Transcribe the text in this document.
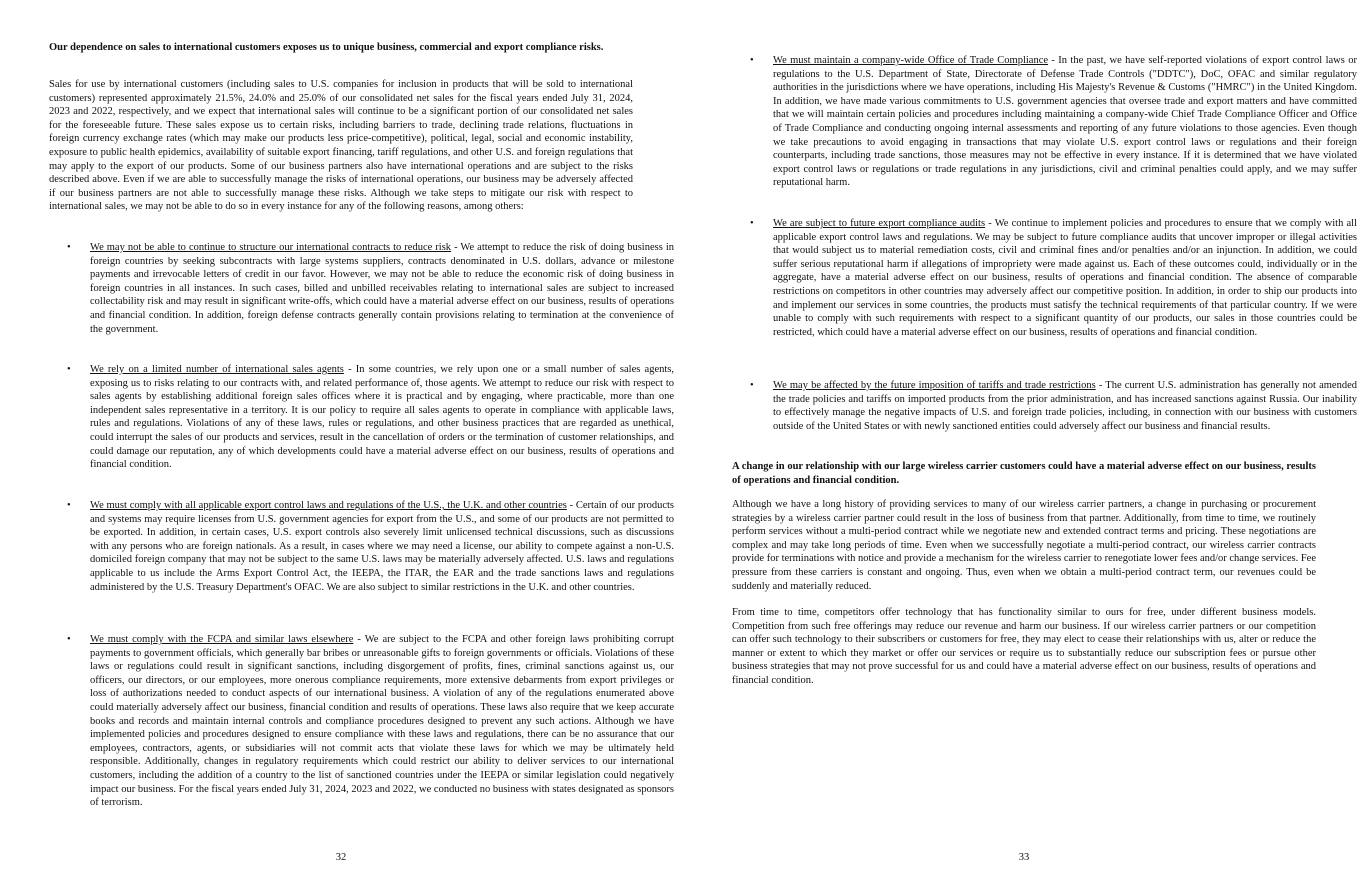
Our dependence on sales to international customers exposes us to unique business, commercial and export compliance risks.

Sales for use by international customers (including sales to U.S. companies for inclusion in products that will be sold to international customers) represented approximately 21.5%, 24.0% and 25.0% of our consolidated net sales for the fiscal years ended July 31, 2024, 2023 and 2022, respectively, and we expect that international sales will continue to be a significant portion of our consolidated net sales for the foreseeable future. These sales expose us to certain risks, including barriers to trade, declining trade relations, fluctuations in foreign currency exchange rates (which may make our products less price-competitive), political, legal, social and economic instability, exposure to public health epidemics, availability of suitable export financing, tariff regulations, and other U.S. and foreign regulations that may apply to the export of our products. Some of our business partners also have international operations and are subject to the risks described above. Even if we are able to successfully manage the risks of international operations, our business may be adversely affected if our business partners are not able to successfully manage these risks. Although we take steps to mitigate our risk with respect to international sales, we may not be able to do so in every instance for any of the following reasons, among others:

• We may not be able to continue to structure our international contracts to reduce risk - We attempt to reduce the risk of doing business in foreign countries by seeking subcontracts with large systems suppliers, contracts denominated in U.S. dollars, advance or milestone payments and irrevocable letters of credit in our favor. However, we may not be able to reduce the economic risk of doing business in foreign countries in all instances. In such cases, billed and unbilled receivables relating to international sales are subject to increased collectability risk and may result in significant write-offs, which could have a material adverse effect on our business, results of operations and financial condition. In addition, foreign defense contracts generally contain provisions relating to termination at the convenience of the government.
• We rely on a limited number of international sales agents - In some countries, we rely upon one or a small number of sales agents, exposing us to risks relating to our contracts with, and related performance of, those agents. We attempt to reduce our risk with respect to sales agents by establishing additional foreign sales offices where it is practical and by engaging, where practicable, more than one independent sales representative in a territory. It is our policy to require all sales agents to operate in compliance with applicable laws, rules and regulations. Violations of any of these laws, rules or regulations, and other business practices that are regarded as unethical, could interrupt the sales of our products and services, result in the cancellation of orders or the termination of customer relationships, and could damage our reputation, any of which developments could have a material adverse effect on our business, results of operations and financial condition.
• We must comply with all applicable export control laws and regulations of the U.S., the U.K. and other countries - Certain of our products and systems may require licenses from U.S. government agencies for export from the U.S., and some of our products are not permitted to be exported. In addition, in certain cases, U.S. export controls also severely limit unlicensed technical discussions, such as discussions with any persons who are foreign nationals. As a result, in cases where we may need a license, our ability to compete against a non-U.S. domiciled foreign company that may not be subject to the same U.S. laws may be materially adversely affected. U.S. laws and regulations applicable to us include the Arms Export Control Act, the IEEPA, the ITAR, the EAR and the trade sanctions laws and regulations administered by the U.S. Treasury Department's OFAC. We are also subject to similar restrictions in the U.K. and other countries.
• We must comply with the FCPA and similar laws elsewhere - We are subject to the FCPA and other foreign laws prohibiting corrupt payments to government officials, which generally bar bribes or unreasonable gifts to foreign governments or officials. Violations of these laws or regulations could result in significant sanctions, including disgorgement of profits, fines, criminal sanctions against us, our officers, our directors, or our employees, more onerous compliance requirements, more extensive debarments from export privileges or loss of authorizations needed to conduct aspects of our international business. A violation of any of the regulations enumerated above could materially adversely affect our business, financial condition and results of operations. These laws also require that we keep accurate books and records and maintain internal controls and compliance procedures designed to prevent any such actions. Although we have implemented policies and procedures designed to ensure compliance with these laws and regulations, there can be no assurance that our employees, contractors, agents, or subsidiaries will not commit acts that violate these laws for which we may be ultimately held responsible. Additionally, changes in regulatory requirements which could restrict our ability to deliver services to our international customers, including the addition of a country to the list of sanctioned countries under the IEEPA or similar legislation could negatively impact our business. For the fiscal years ended July 31, 2024, 2023 and 2022, we conducted no business with states designated as sponsors of terrorism.
32
• We must maintain a company-wide Office of Trade Compliance - In the past, we have self-reported violations of export control laws or regulations to the U.S. Department of State, Directorate of Defense Trade Controls ("DDTC"), DoC, OFAC and similar regulatory authorities in the jurisdictions where we have operations, including His Majesty's Revenue & Customs ("HMRC") in the United Kingdom. In addition, we have made various commitments to U.S. government agencies that oversee trade and export matters and have committed that we will maintain certain policies and procedures including maintaining a company-wide Chief Trade Compliance Officer and Office of Trade Compliance and conducting ongoing internal assessments and reporting of any future violations to those agencies. Even though we take precautions to avoid engaging in transactions that may violate U.S. export control laws or regulations and their foreign counterparts, including trade sanctions, those measures may not be effective in every instance. If it is determined that we have violated export control laws or regulations or trade regulations in any jurisdictions, civil and criminal penalties could apply, and we may suffer reputational harm.
• We are subject to future export compliance audits - We continue to implement policies and procedures to ensure that we comply with all applicable export control laws and regulations. We may be subject to future compliance audits that uncover improper or illegal activities that would subject us to material remediation costs, civil and criminal fines and/or penalties and/or an injunction. In addition, we could suffer serious reputational harm if allegations of impropriety were made against us. Each of these outcomes could, individually or in the aggregate, have a material adverse effect on our business, results of operations and financial condition. The absence of comparable restrictions on competitors in other countries may adversely affect our competitive position. In addition, in order to ship our products into and implement our services in some countries, the products must satisfy the technical requirements of that particular country. If we were unable to comply with such requirements with respect to a significant quantity of our products, our sales in those countries could be restricted, which could have a material adverse effect on our business, results of operations and financial condition.
• We may be affected by the future imposition of tariffs and trade restrictions - The current U.S. administration has generally not amended the trade policies and tariffs on imported products from the prior administration, and has increased sanctions against Russia. Our inability to effectively manage the negative impacts of U.S. and foreign trade policies, including, in connection with our business with customers outside of the United States or with newly sanctioned entities could adversely affect our business and financial results.

A change in our relationship with our large wireless carrier customers could have a material adverse effect on our business, results of operations and financial condition.

Although we have a long history of providing services to many of our wireless carrier partners, a change in purchasing or procurement strategies by a wireless carrier partner could result in the loss of business from that partner. Additionally, from time to time, we routinely perform services without a multi-period contract while we negotiate new and extended contract terms and pricing. These negotiations are complex and may take long periods of time. Even when we successfully negotiate a multi-period contract, our wireless carrier contracts provide for terminations with notice and provide a mechanism for the wireless carrier to renegotiate lower fees and/or change services. Fee pressure from these carriers is constant and ongoing. Thus, even when we obtain a multi-period contract term, our revenues could be suddenly and materially reduced.

From time to time, competitors offer technology that has functionality similar to ours for free, under different business models. Competition from such free offerings may reduce our revenue and harm our business. If our wireless carrier partners or our competition can offer such technology to their subscribers or customers for free, they may elect to cease their relationships with us, alter or reduce the manner or extent to which they market or offer our services or require us to substantially reduce our subscription fees or pursue other business strategies that may not prove successful for us and could have a material adverse effect on our business, results of operations and financial condition.

33
